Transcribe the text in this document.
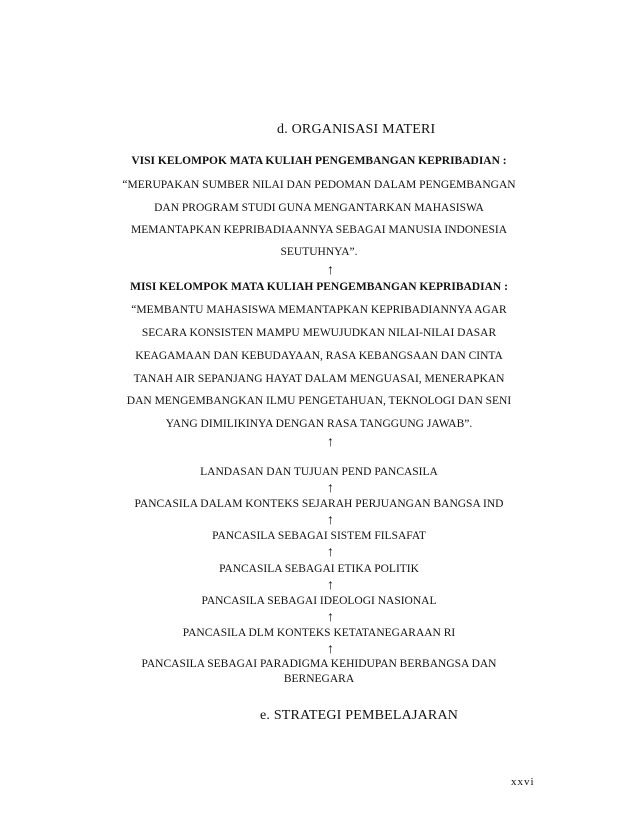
d. ORGANISASI MATERI
VISI KELOMPOK MATA KULIAH PENGEMBANGAN KEPRIBADIAN :
“MERUPAKAN SUMBER NILAI DAN PEDOMAN DALAM PENGEMBANGAN
DAN PROGRAM STUDI GUNA MENGANTARKAN MAHASISWA
MEMANTAPKAN KEPRIBADIAANNYA SEBAGAI MANUSIA INDONESIA
SEUTUHNYA”.
↑
MISI KELOMPOK MATA KULIAH PENGEMBANGAN KEPRIBADIAN :
“MEMBANTU MAHASISWA MEMANTAPKAN KEPRIBADIANNYA AGAR
SECARA KONSISTEN MAMPU MEWUJUDKAN NILAI-NILAI DASAR
KEAGAMAAN DAN KEBUDAYAAN, RASA KEBANGSAAN DAN CINTA
TANAH AIR SEPANJANG HAYAT DALAM MENGUASAI, MENERAPKAN
DAN MENGEMBANGKAN ILMU PENGETAHUAN, TEKNOLOGI DAN SENI
YANG DIMILIKINYA DENGAN RASA TANGGUNG JAWAB”.
↑
LANDASAN DAN TUJUAN PEND PANCASILA
↑
PANCASILA DALAM KONTEKS SEJARAH PERJUANGAN BANGSA IND
↑
PANCASILA SEBAGAI SISTEM FILSAFAT
↑
PANCASILA SEBAGAI ETIKA POLITIK
↑
PANCASILA SEBAGAI IDEOLOGI NASIONAL
↑
PANCASILA DLM KONTEKS KETATANEGARAAN RI
↑
PANCASILA SEBAGAI PARADIGMA KEHIDUPAN BERBANGSA DAN
BERNEGARA
e. STRATEGI PEMBELAJARAN
xxvi
